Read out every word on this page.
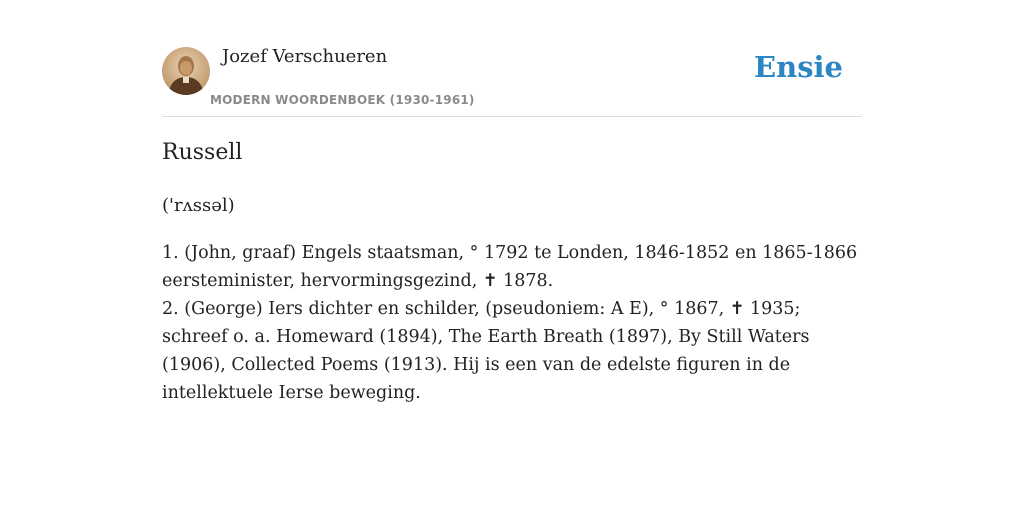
Jozef Verschueren
MODERN WOORDENBOEK (1930-1961)
Ensie
Russell
('rʌssəl)

1. (John, graaf) Engels staatsman, ° 1792 te Londen, 1846-1852 en 1865-1866 eersteminister, hervormingsgezind, ✝ 1878.

2. (George) Iers dichter en schilder, (pseudoniem: A E), ° 1867, ✝ 1935; schreef o. a. Homeward (1894), The Earth Breath (1897), By Still Waters (1906), Collected Poems (1913). Hij is een van de edelste figuren in de intellektuele Ierse beweging.
